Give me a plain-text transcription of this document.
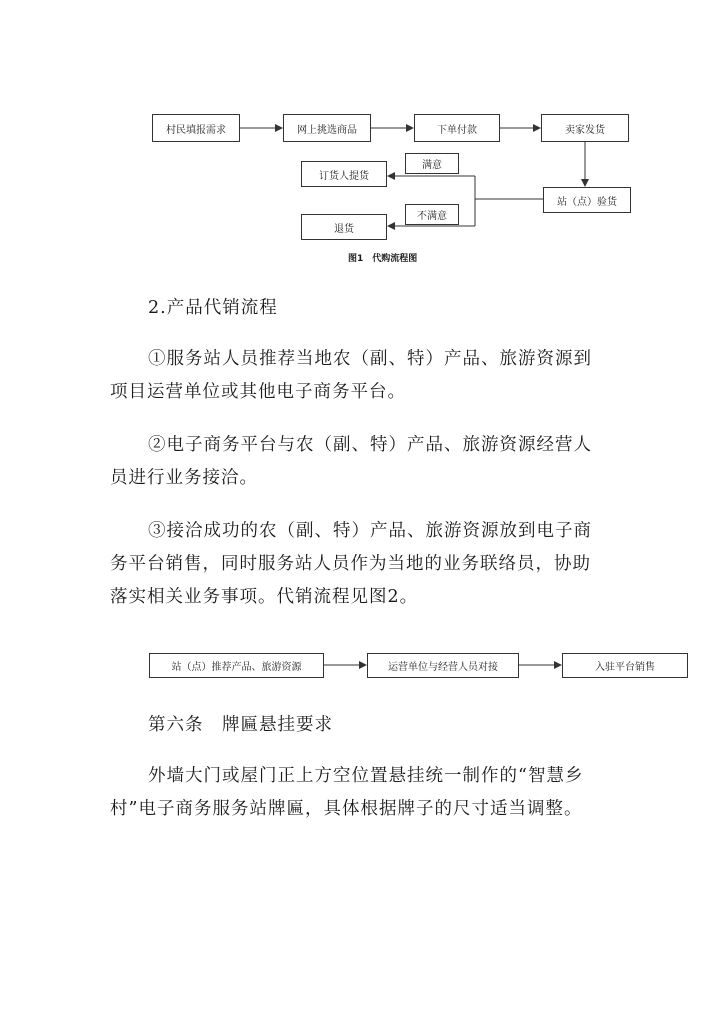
村民填报需求	网上挑选商品	下单付款	卖家发货
站（点）验货
订货人提货
退货
满意
不满意
图1　代购流程图
2.产品代销流程
①服务站人员推荐当地农（副、特）产品、旅游资源到
项目运营单位或其他电子商务平台。
②电子商务平台与农（副、特）产品、旅游资源经营人
员进行业务接洽。
③接洽成功的农（副、特）产品、旅游资源放到电子商
务平台销售，同时服务站人员作为当地的业务联络员，协助
落实相关业务事项。代销流程见图2。
站（点）推荐产品、旅游资源	运营单位与经营人员对接	入驻平台销售
第六条　牌匾悬挂要求
外墙大门或屋门正上方空位置悬挂统一制作的“智慧乡
村”电子商务服务站牌匾，具体根据牌子的尺寸适当调整。
